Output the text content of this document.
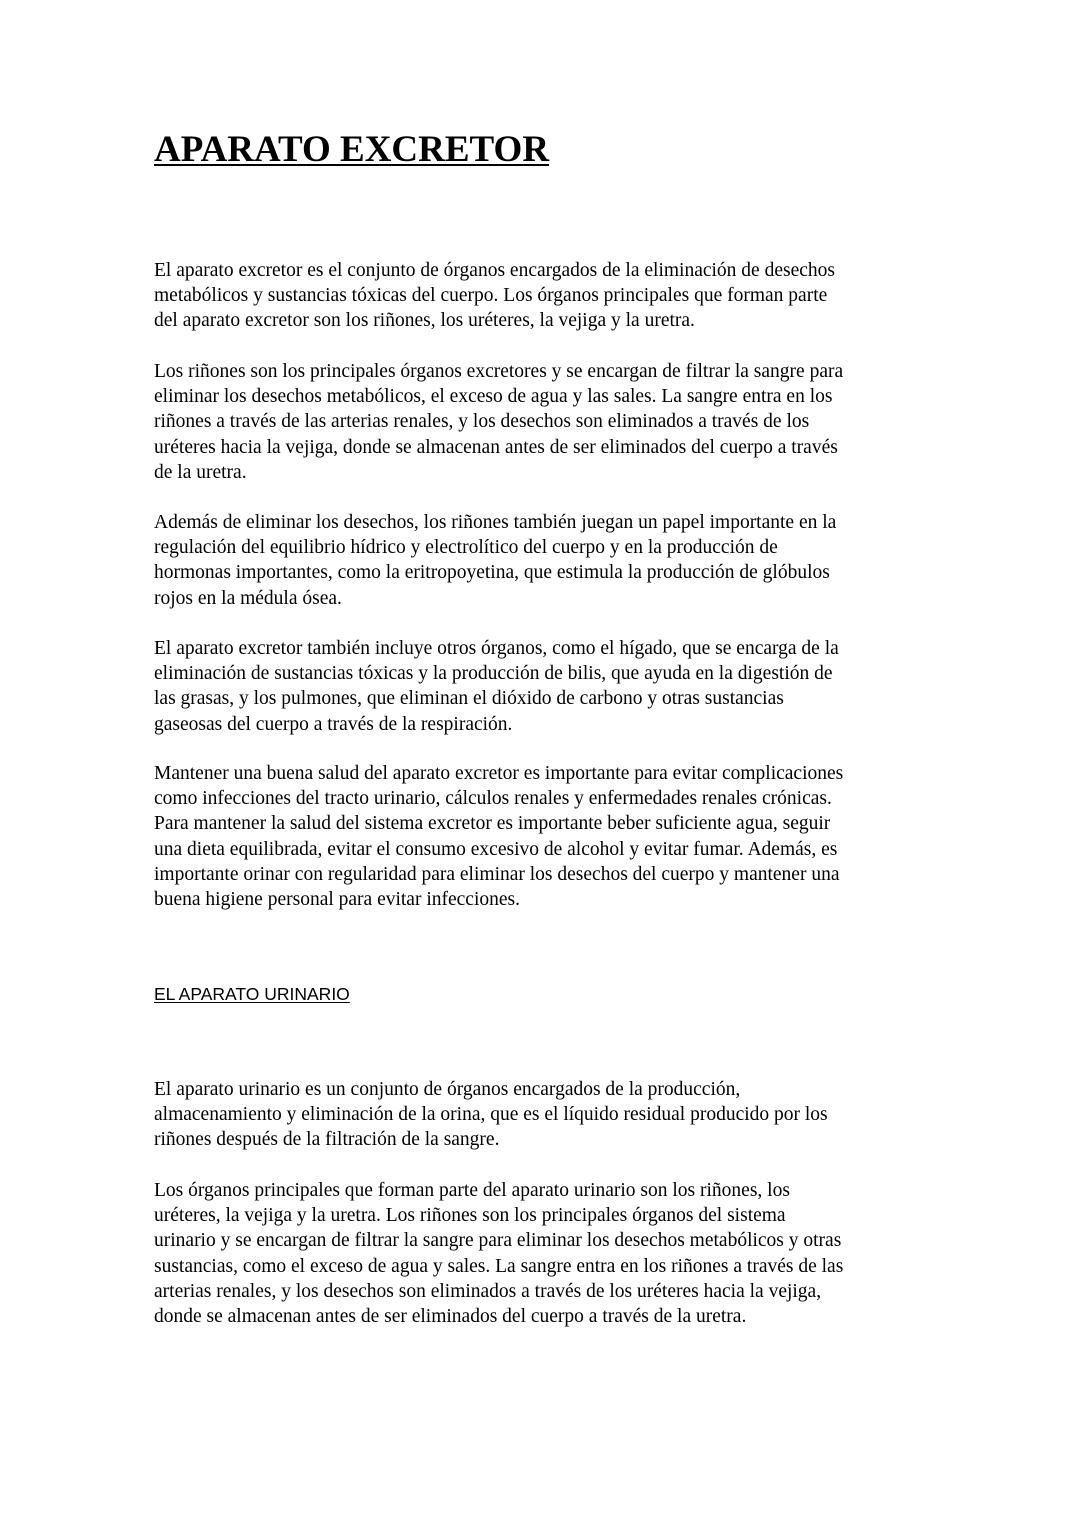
APARATO EXCRETOR

El aparato excretor es el conjunto de órganos encargados de la eliminación de desechos
metabólicos y sustancias tóxicas del cuerpo. Los órganos principales que forman parte
del aparato excretor son los riñones, los uréteres, la vejiga y la uretra.

Los riñones son los principales órganos excretores y se encargan de filtrar la sangre para
eliminar los desechos metabólicos, el exceso de agua y las sales. La sangre entra en los
riñones a través de las arterias renales, y los desechos son eliminados a través de los
uréteres hacia la vejiga, donde se almacenan antes de ser eliminados del cuerpo a través
de la uretra.

Además de eliminar los desechos, los riñones también juegan un papel importante en la
regulación del equilibrio hídrico y electrolítico del cuerpo y en la producción de
hormonas importantes, como la eritropoyetina, que estimula la producción de glóbulos
rojos en la médula ósea.

El aparato excretor también incluye otros órganos, como el hígado, que se encarga de la
eliminación de sustancias tóxicas y la producción de bilis, que ayuda en la digestión de
las grasas, y los pulmones, que eliminan el dióxido de carbono y otras sustancias
gaseosas del cuerpo a través de la respiración.

Mantener una buena salud del aparato excretor es importante para evitar complicaciones
como infecciones del tracto urinario, cálculos renales y enfermedades renales crónicas.
Para mantener la salud del sistema excretor es importante beber suficiente agua, seguir
una dieta equilibrada, evitar el consumo excesivo de alcohol y evitar fumar. Además, es
importante orinar con regularidad para eliminar los desechos del cuerpo y mantener una
buena higiene personal para evitar infecciones.

EL APARATO URINARIO

El aparato urinario es un conjunto de órganos encargados de la producción,
almacenamiento y eliminación de la orina, que es el líquido residual producido por los
riñones después de la filtración de la sangre.

Los órganos principales que forman parte del aparato urinario son los riñones, los
uréteres, la vejiga y la uretra. Los riñones son los principales órganos del sistema
urinario y se encargan de filtrar la sangre para eliminar los desechos metabólicos y otras
sustancias, como el exceso de agua y sales. La sangre entra en los riñones a través de las
arterias renales, y los desechos son eliminados a través de los uréteres hacia la vejiga,
donde se almacenan antes de ser eliminados del cuerpo a través de la uretra.
